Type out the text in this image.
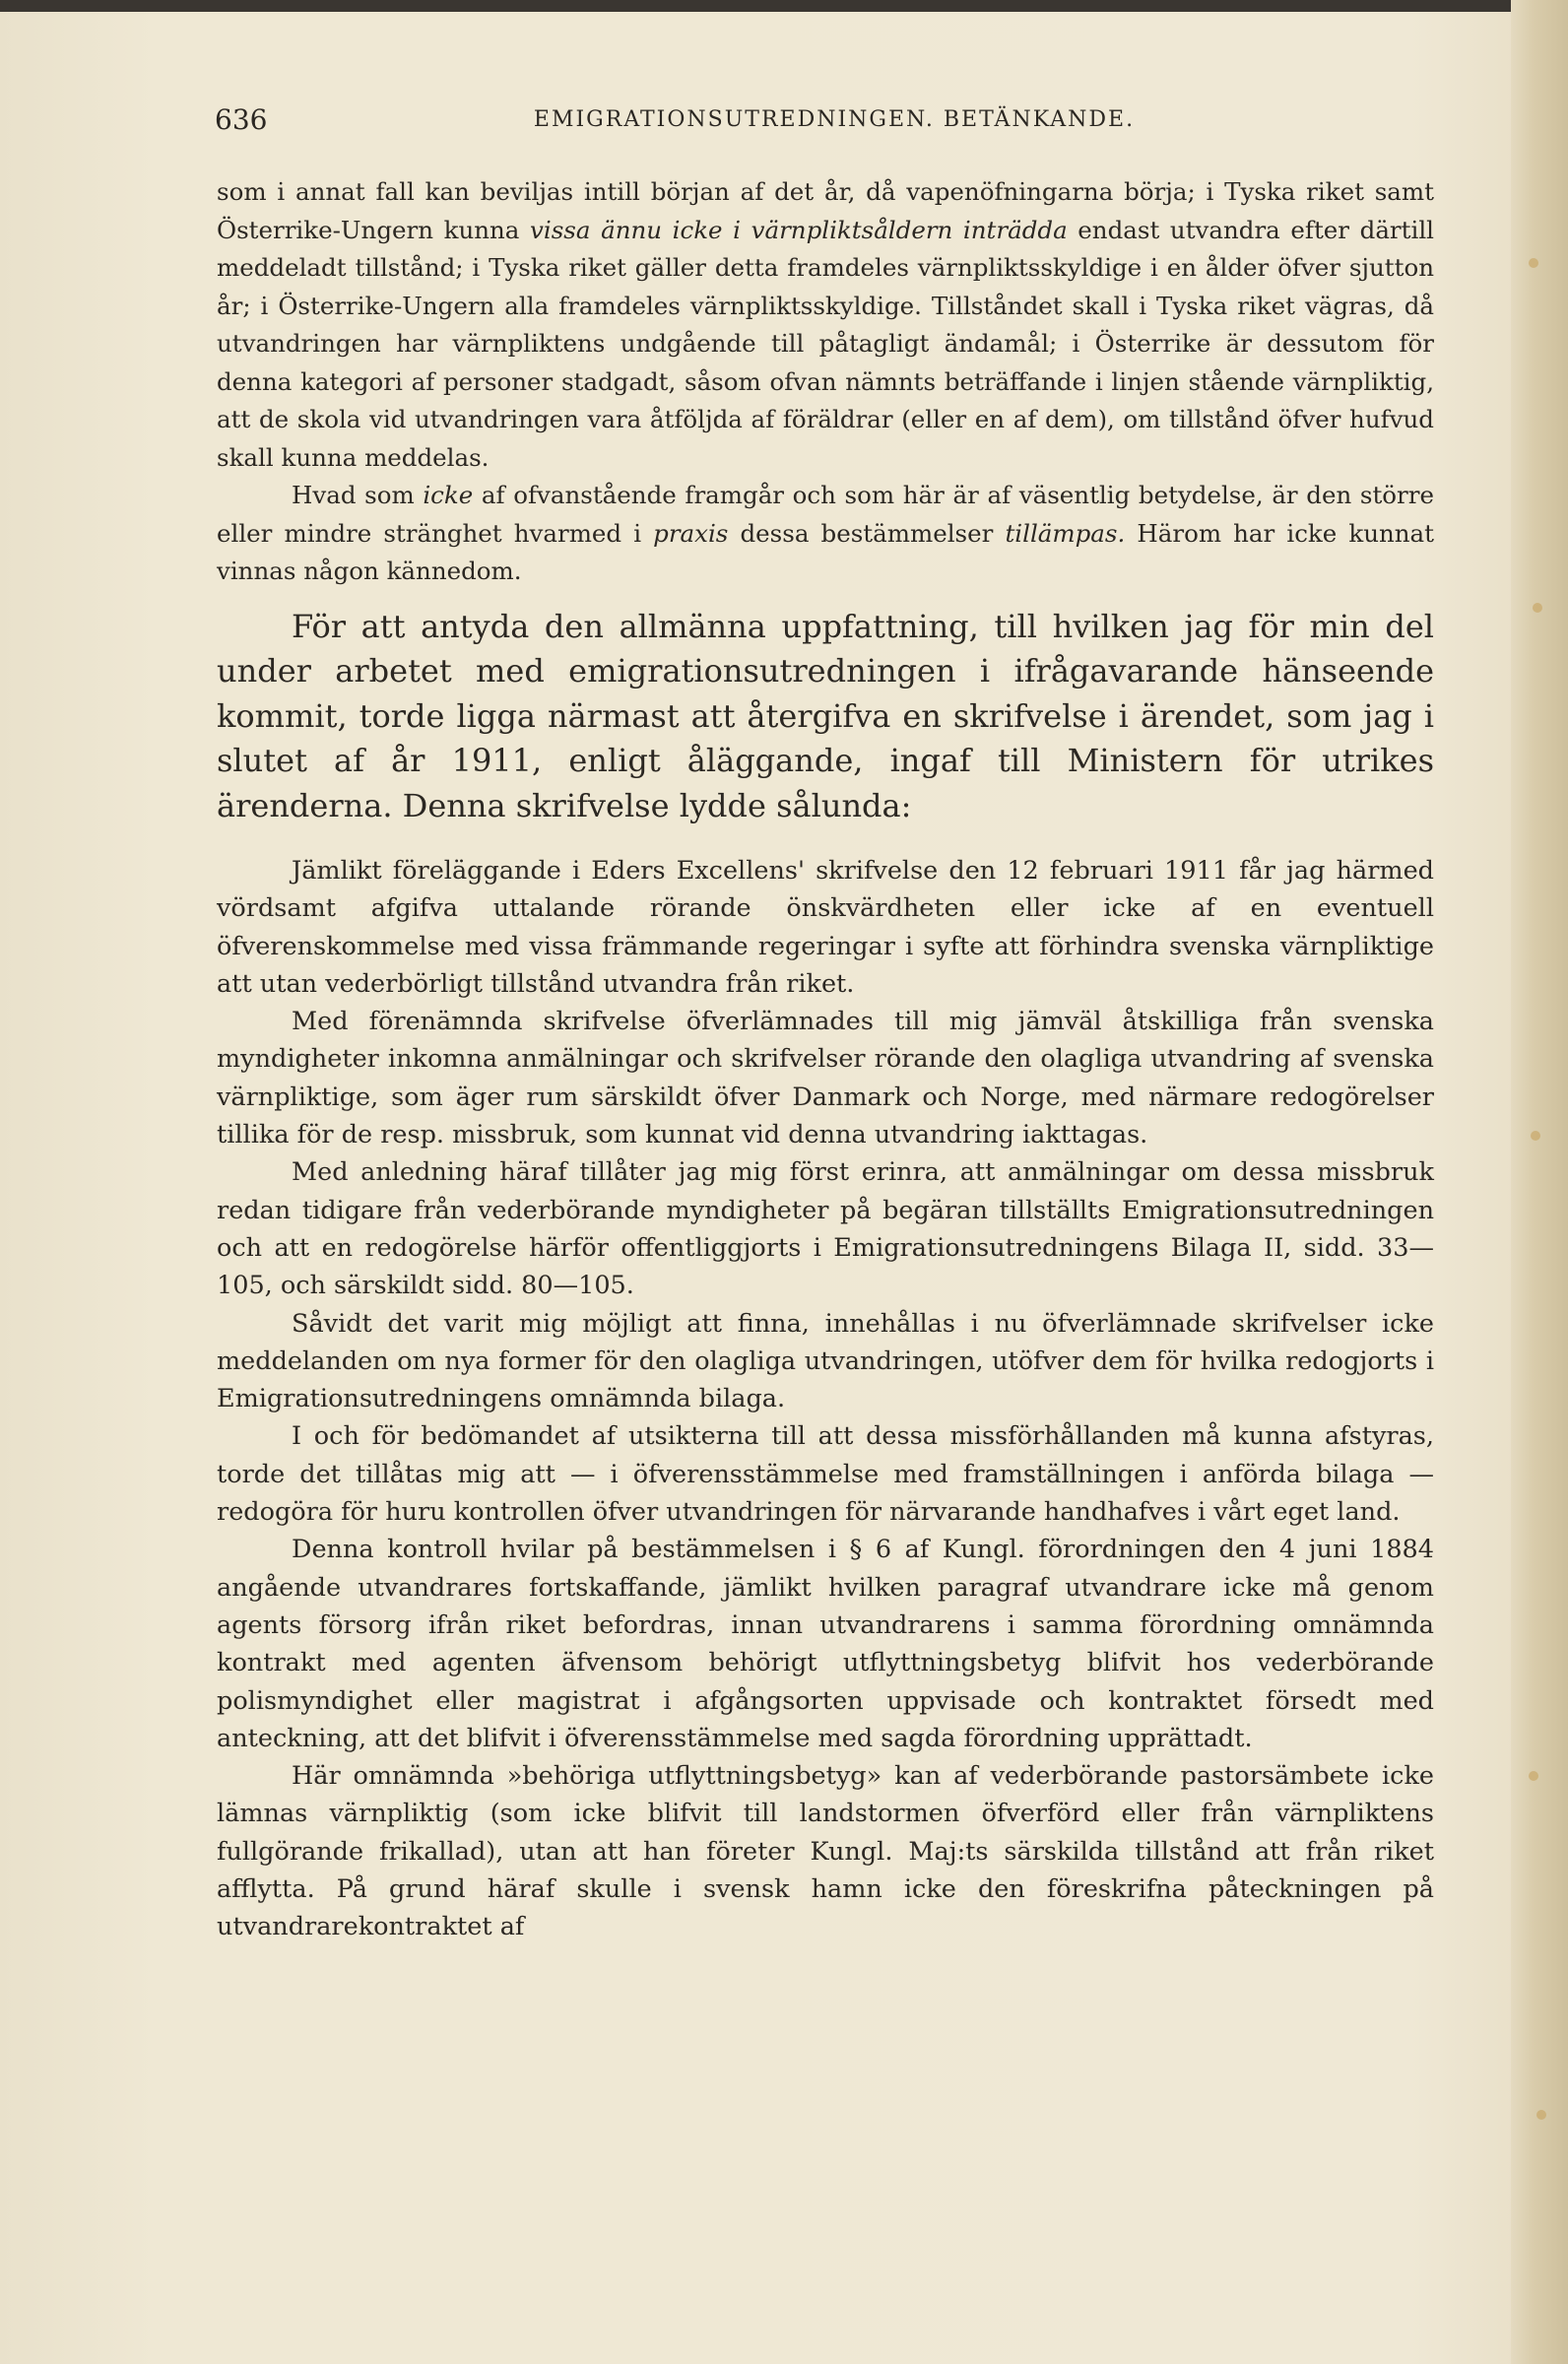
636	EMIGRATIONSUTREDNINGEN. BETÄNKANDE.

som i annat fall kan beviljas intill början af det år, då vapenöfningarna börja; i Tyska riket samt Österrike-Ungern kunna vissa ännu icke i värnpliktsåldern inträdda endast utvandra efter därtill meddeladt tillstånd; i Tyska riket gäller detta framdeles värnpliktsskyldige i en ålder öfver sjutton år; i Österrike-Ungern alla framdeles värnpliktsskyldige. Tillståndet skall i Tyska riket vägras, då utvandringen har värnpliktens undgående till påtagligt ändamål; i Österrike är dessutom för denna kategori af personer stadgadt, såsom ofvan nämnts beträffande i linjen stående värnpliktig, att de skola vid utvandringen vara åtföljda af föräldrar (eller en af dem), om tillstånd öfver hufvud skall kunna meddelas.

Hvad som icke af ofvanstående framgår och som här är af väsentlig betydelse, är den större eller mindre stränghet hvarmed i praxis dessa bestämmelser tillämpas. Härom har icke kunnat vinnas någon kännedom.

För att antyda den allmänna uppfattning, till hvilken jag för min del under arbetet med emigrationsutredningen i ifrågavarande hänseende kommit, torde ligga närmast att återgifva en skrifvelse i ärendet, som jag i slutet af år 1911, enligt åläggande, ingaf till Ministern för utrikes ärenderna. Denna skrifvelse lydde sålunda:

Jämlikt föreläggande i Eders Excellens' skrifvelse den 12 februari 1911 får jag härmed vördsamt afgifva uttalande rörande önskvärdheten eller icke af en eventuell öfverenskommelse med vissa främmande regeringar i syfte att förhindra svenska värnpliktige att utan vederbörligt tillstånd utvandra från riket.

Med förenämnda skrifvelse öfverlämnades till mig jämväl åtskilliga från svenska myndigheter inkomna anmälningar och skrifvelser rörande den olagliga utvandring af svenska värnpliktige, som äger rum särskildt öfver Danmark och Norge, med närmare redogörelser tillika för de resp. missbruk, som kunnat vid denna utvandring iakttagas.

Med anledning häraf tillåter jag mig först erinra, att anmälningar om dessa missbruk redan tidigare från vederbörande myndigheter på begäran tillställts Emigrationsutredningen och att en redogörelse härför offentliggjorts i Emigrationsutredningens Bilaga II, sidd. 33—105, och särskildt sidd. 80—105.

Såvidt det varit mig möjligt att finna, innehållas i nu öfverlämnade skrifvelser icke meddelanden om nya former för den olagliga utvandringen, utöfver dem för hvilka redogjorts i Emigrationsutredningens omnämnda bilaga.

I och för bedömandet af utsikterna till att dessa missförhållanden må kunna afstyras, torde det tillåtas mig att — i öfverensstämmelse med framställningen i anförda bilaga — redogöra för huru kontrollen öfver utvandringen för närvarande handhafves i vårt eget land.

Denna kontroll hvilar på bestämmelsen i § 6 af Kungl. förordningen den 4 juni 1884 angående utvandrares fortskaffande, jämlikt hvilken paragraf utvandrare icke må genom agents försorg ifrån riket befordras, innan utvandrarens i samma förordning omnämnda kontrakt med agenten äfvensom behörigt utflyttningsbetyg blifvit hos vederbörande polismyndighet eller magistrat i afgångsorten uppvisade och kontraktet försedt med anteckning, att det blifvit i öfverensstämmelse med sagda förordning upprättadt.

Här omnämnda »behöriga utflyttningsbetyg» kan af vederbörande pastorsämbete icke lämnas värnpliktig (som icke blifvit till landstormen öfverförd eller från värnpliktens fullgörande frikallad), utan att han företer Kungl. Maj:ts särskilda tillstånd att från riket afflytta. På grund häraf skulle i svensk hamn icke den föreskrifna påteckningen på utvandrarekontraktet af
